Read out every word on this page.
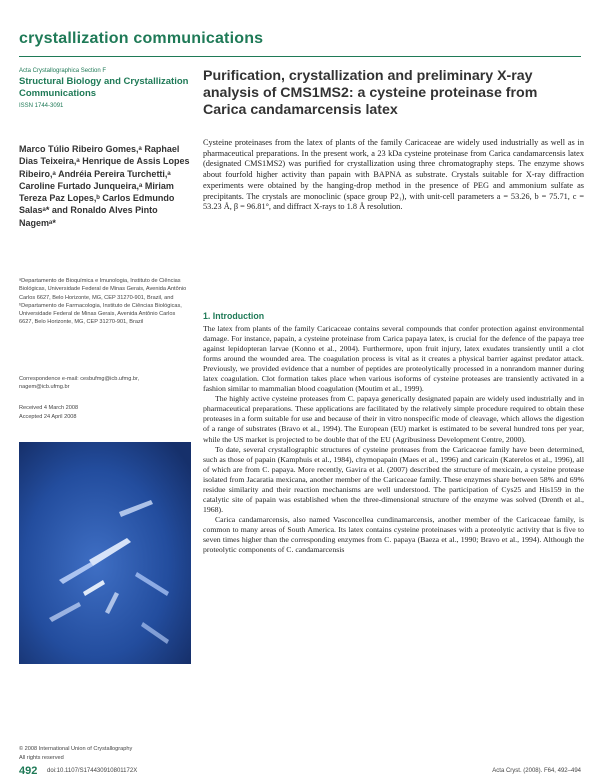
crystallization communications
Acta Crystallographica Section F
Structural Biology and Crystallization Communications
ISSN 1744-3091
Marco Túlio Ribeiro Gomes,ᵃ Raphael Dias Teixeira,ᵃ Henrique de Assis Lopes Ribeiro,ᵃ Andréia Pereira Turchetti,ᵃ Caroline Furtado Junqueira,ᵃ Miriam Tereza Paz Lopes,ᵇ Carlos Edmundo Salasᵃ* and Ronaldo Alves Pinto Nagemᵃ*
ᵃDepartamento de Bioquímica e Imunologia, Instituto de Ciências Biológicas, Universidade Federal de Minas Gerais, Avenida Antônio Carlos 6627, Belo Horizonte, MG, CEP 31270-901, Brazil, and ᵇDepartamento de Farmacologia, Instituto de Ciências Biológicas, Universidade Federal de Minas Gerais, Avenida Antônio Carlos 6627, Belo Horizonte, MG, CEP 31270-901, Brazil
Correspondence e-mail: cesbufmg@icb.ufmg.br, nagem@icb.ufmg.br
Received 4 March 2008
Accepted 24 April 2008
© 2008 International Union of Crystallography
All rights reserved
Purification, crystallization and preliminary X-ray analysis of CMS1MS2: a cysteine proteinase from Carica candamarcensis latex
Cysteine proteinases from the latex of plants of the family Caricaceae are widely used industrially as well as in pharmaceutical preparations. In the present work, a 23 kDa cysteine proteinase from Carica candamarcensis latex (designated CMS1MS2) was purified for crystallization using three chromatography steps. The enzyme shows about fourfold higher activity than papain with BAPNA as substrate. Crystals suitable for X-ray diffraction experiments were obtained by the hanging-drop method in the presence of PEG and ammonium sulfate as precipitants. The crystals are monoclinic (space group P2₁), with unit-cell parameters a = 53.26, b = 75.71, c = 53.23 Å, β = 96.81°, and diffract X-rays to 1.8 Å resolution.
1. Introduction

The latex from plants of the family Caricaceae contains several compounds that confer protection against environmental damage. For instance, papain, a cysteine proteinase from Carica papaya latex, is crucial for the defence of the papaya tree against lepidopteran larvae (Konno et al., 2004). Furthermore, upon fruit injury, latex exudates transiently until a clot forms around the wounded area. The coagulation process is vital as it creates a physical barrier against predator attack. Previously, we provided evidence that a number of peptides are proteolytically processed in a nonrandom manner during latex coagulation. Clot formation takes place when various isoforms of cysteine proteases are transiently activated in a fashion similar to mammalian blood coagulation (Moutim et al., 1999).

The highly active cysteine proteases from C. papaya generically designated papain are widely used industrially and in pharmaceutical preparations. These applications are facilitated by the relatively simple procedure required to obtain these proteases in a form suitable for use and because of their in vitro nonspecific mode of cleavage, which allows the digestion of a range of substrates (Bravo et al., 1994). The European (EU) market is estimated to be several hundred tons per year, while the US market is projected to be double that of the EU (Agribusiness Development Centre, 2000).

To date, several crystallographic structures of cysteine proteases from the Caricaceae family have been determined, such as those of papain (Kamphuis et al., 1984), chymopapain (Maes et al., 1996) and caricain (Katerelos et al., 1996), all of which are from C. papaya. More recently, Gavira et al. (2007) described the structure of mexicain, a cysteine protease isolated from Jacaratia mexicana, another member of the Caricaceae family. These enzymes share between 58% and 69% residue similarity and their reaction mechanisms are well understood. The participation of Cys25 and His159 in the catalytic site of papain was established when the three-dimensional structure of the enzyme was solved (Drenth et al., 1968).

Carica candamarcensis, also named Vasconcellea cundinamarcensis, another member of the Caricaceae family, is common to many areas of South America. Its latex contains cysteine proteinases with a proteolytic activity that is five to seven times higher than the corresponding enzymes from C. papaya (Baeza et al., 1990; Bravo et al., 1994). Although the proteolytic components of C. candamarcensis

492 doi:10.1107/S174430910801172X	Acta Cryst. (2008). F64, 492–494
